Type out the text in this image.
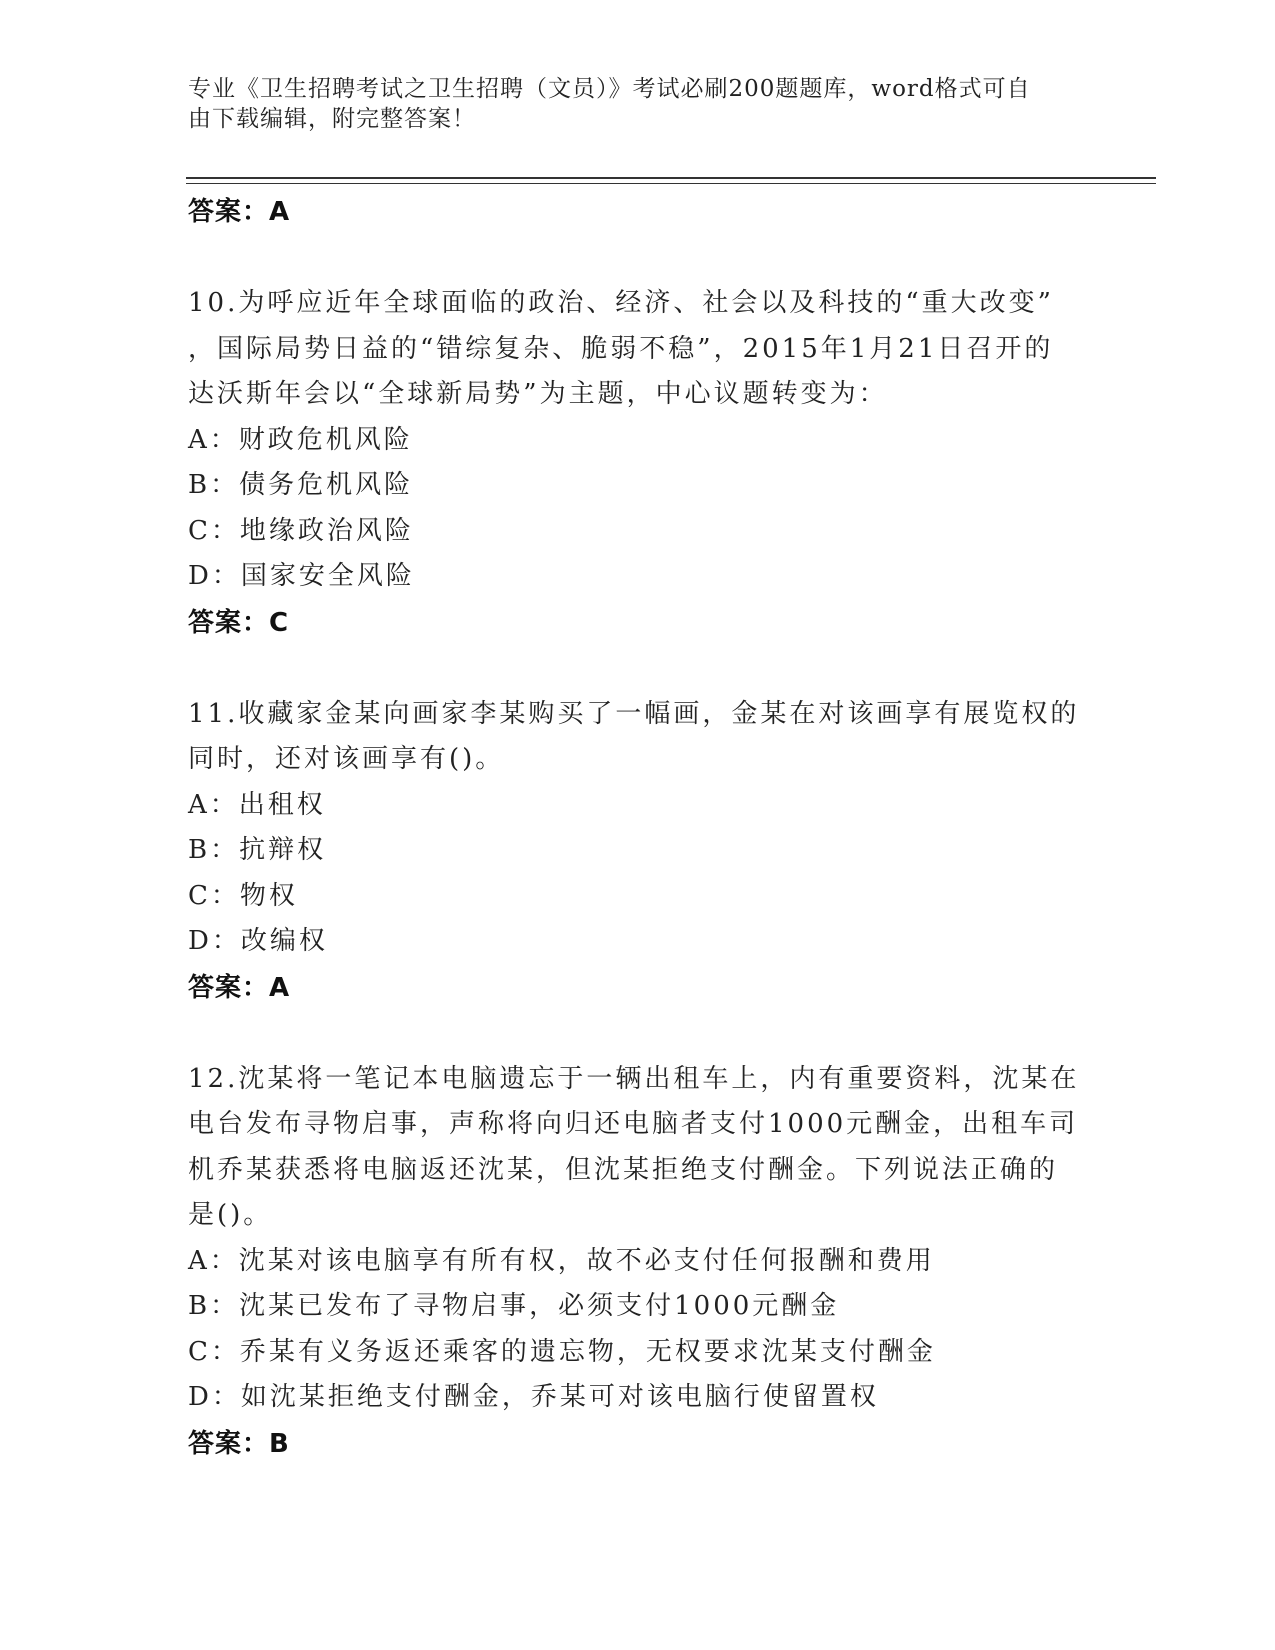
专业《卫生招聘考试之卫生招聘（文员）》考试必刷200题题库，word格式可自
由下载编辑，附完整答案！
答案：A
10.为呼应近年全球面临的政治、经济、社会以及科技的“重大改变”
，国际局势日益的“错综复杂、脆弱不稳”，2015年1月21日召开的
达沃斯年会以“全球新局势”为主题，中心议题转变为：
A：财政危机风险
B：债务危机风险
C：地缘政治风险
D：国家安全风险
答案：C
11.收藏家金某向画家李某购买了一幅画，金某在对该画享有展览权的
同时，还对该画享有()。
A：出租权
B：抗辩权
C：物权
D：改编权
答案：A
12.沈某将一笔记本电脑遗忘于一辆出租车上，内有重要资料，沈某在
电台发布寻物启事，声称将向归还电脑者支付1000元酬金，出租车司
机乔某获悉将电脑返还沈某，但沈某拒绝支付酬金。下列说法正确的
是()。
A：沈某对该电脑享有所有权，故不必支付任何报酬和费用
B：沈某已发布了寻物启事，必须支付1000元酬金
C：乔某有义务返还乘客的遗忘物，无权要求沈某支付酬金
D：如沈某拒绝支付酬金，乔某可对该电脑行使留置权
答案：B
